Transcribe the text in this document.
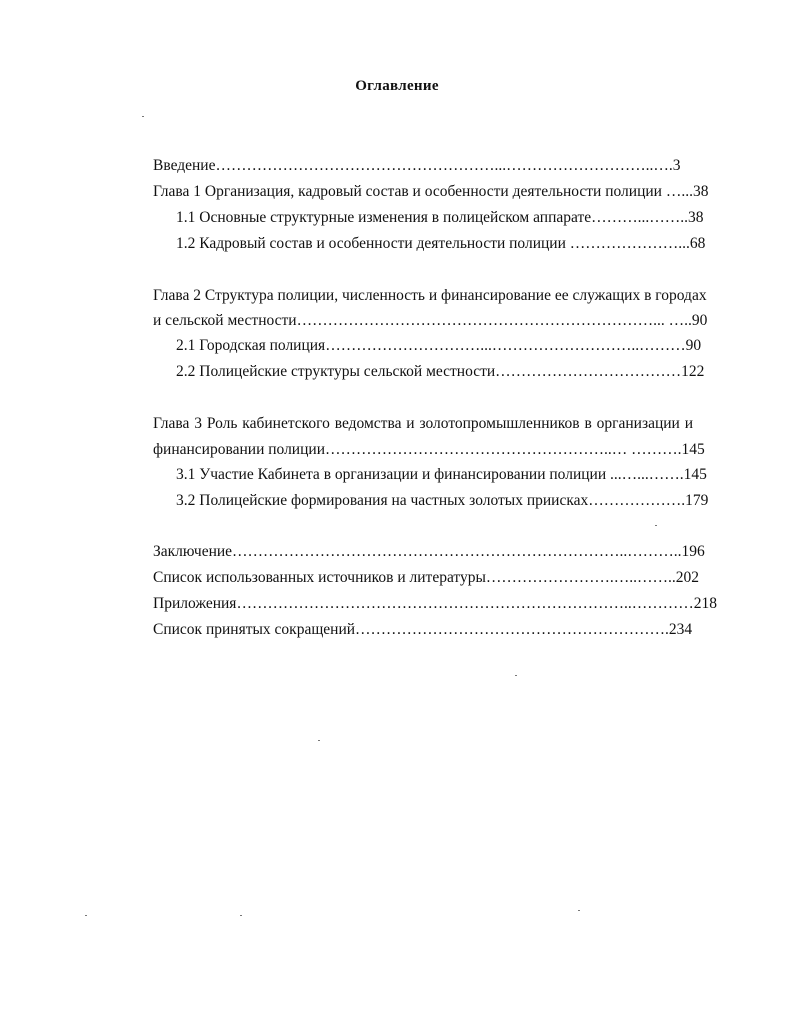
Оглавление
Введение………………………………………………...………………………..….3
Глава 1 Организация, кадровый состав и особенности деятельности полиции …...38
1.1 Основные структурные изменения в полицейском аппарате………...……..38
1.2 Кадровый состав и особенности деятельности полиции …………………...68
Глава 2 Структура полиции, численность и финансирование ее служащих в городах
и сельской местности……………………………………………………………... …..90
2.1 Городская полиция…………………………...………………………..………90
2.2 Полицейские структуры сельской местности………………………………122
Глава 3 Роль кабинетского ведомства и золотопромышленников в организации и
финансировании полиции………………………………………………..… ……….145
3.1 Участие Кабинета в организации и финансировании полиции ...…...…….145
3.2 Полицейские формирования на частных золотых приисках……………….179
Заключение…………………………………………………………………..………..196
Список использованных источников и литературы…………………….…..……..202
Приложения…………………………………………………………………..…………218
Список принятых сокращений…………………………………………………….234
